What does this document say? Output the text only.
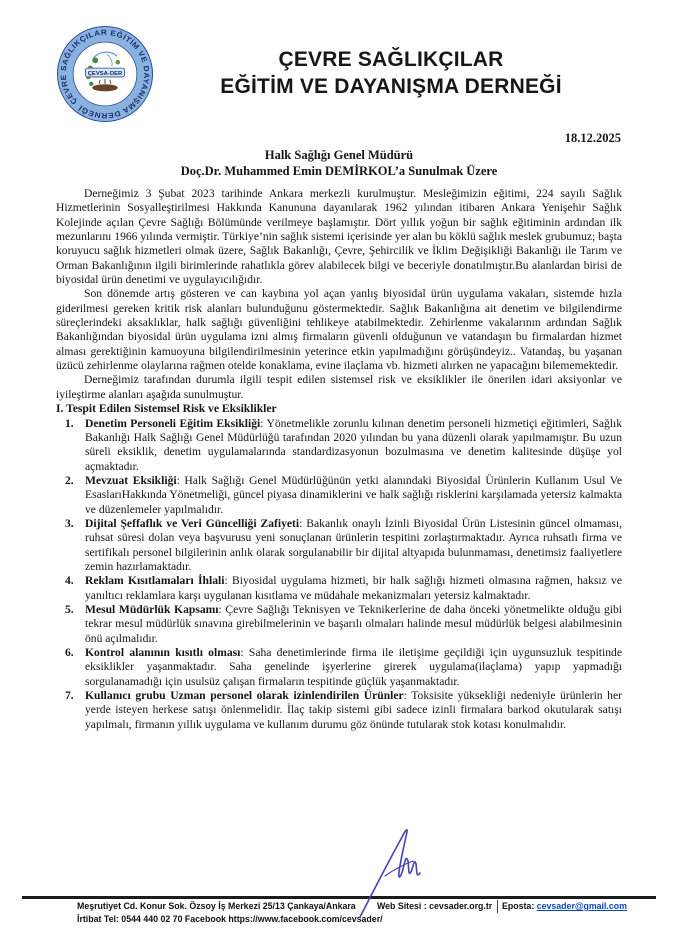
ÇEVRE SAĞLIKÇILAR EĞİTİM VE DAYANIŞMA DERNEĞİ
ÇEVSA-DER
ÇEVRE SAĞLIKÇILAR
EĞİTİM VE DAYANIŞMA DERNEĞİ
18.12.2025
Halk Sağlığı Genel Müdürü
Doç.Dr. Muhammed Emin DEMİRKOL’a Sunulmak Üzere

Derneğimiz 3 Şubat 2023 tarihinde Ankara merkezli kurulmuştur. Mesleğimizin eğitimi, 224 sayılı Sağlık Hizmetlerinin Sosyalleştirilmesi Hakkında Kanununa dayanılarak 1962 yılından itibaren Ankara Yenişehir Sağlık Kolejinde açılan Çevre Sağlığı Bölümünde verilmeye başlamıştır. Dört yıllık yoğun bir sağlık eğitiminin ardından ilk mezunlarını 1966 yılında vermiştir. Türkiye’nin sağlık sistemi içerisinde yer alan bu köklü sağlık meslek grubumuz; başta koruyucu sağlık hizmetleri olmak üzere, Sağlık Bakanlığı, Çevre, Şehircilik ve İklim Değişikliği Bakanlığı ile Tarım ve Orman Bakanlığının ilgili birimlerinde rahatlıkla görev alabilecek bilgi ve beceriyle donatılmıştır.Bu alanlardan birisi de biyosidal ürün denetimi ve uygulayıcılığıdır.

Son dönemde artış gösteren ve can kaybına yol açan yanlış biyosidal ürün uygulama vakaları, sistemde hızla giderilmesi gereken kritik risk alanları bulunduğunu göstermektedir. Sağlık Bakanlığına ait denetim ve bilgilendirme süreçlerindeki aksaklıklar, halk sağlığı güvenliğini tehlikeye atabilmektedir. Zehirlenme vakalarının ardından Sağlık Bakanlığından biyosidal ürün uygulama izni almış firmaların güvenli olduğunun ve vatandaşın bu firmalardan hizmet alması gerektiğinin kamuoyuna bilgilendirilmesinin yeterince etkin yapılmadığını görüşündeyiz.. Vatandaş, bu yaşanan üzücü zehirlenme olaylarına rağmen otelde konaklama, evine ilaçlama vb. hizmeti alırken ne yapacağını bilememektedir.

Derneğimiz tarafından durumla ilgili tespit edilen sistemsel risk ve eksiklikler ile önerilen idari aksiyonlar ve iyileştirme alanları aşağıda sunulmuştur.

I. Tespit Edilen Sistemsel Risk ve Eksiklikler

1. Denetim Personeli Eğitim Eksikliği: Yönetmelikle zorunlu kılınan denetim personeli hizmetiçi eğitimleri, Sağlık Bakanlığı Halk Sağlığı Genel Müdürlüğü tarafından 2020 yılından bu yana düzenli olarak yapılmamıştır. Bu uzun süreli eksiklik, denetim uygulamalarında standardizasyonun bozulmasına ve denetim kalitesinde düşüşe yol açmaktadır.
2. Mevzuat Eksikliği: Halk Sağlığı Genel Müdürlüğünün yetki alanındaki Biyosidal Ürünlerin Kullanım Usul Ve EsaslarıHakkında Yönetmeliği, güncel piyasa dinamiklerini ve halk sağlığı risklerini karşılamada yetersiz kalmakta ve düzenlemeler yapılmalıdır.
3. Dijital Şeffaflık ve Veri Güncelliği Zafiyeti: Bakanlık onaylı İzinli Biyosidal Ürün Listesinin güncel olmaması, ruhsat süresi dolan veya başvurusu yeni sonuçlanan ürünlerin tespitini zorlaştırmaktadır. Ayrıca ruhsatlı firma ve sertifikalı personel bilgilerinin anlık olarak sorgulanabilir bir dijital altyapıda bulunmaması, denetimsiz faaliyetlere zemin hazırlamaktadır.
4. Reklam Kısıtlamaları İhlali: Biyosidal uygulama hizmeti, bir halk sağlığı hizmeti olmasına rağmen, haksız ve yanıltıcı reklamlara karşı uygulanan kısıtlama ve müdahale mekanizmaları yetersiz kalmaktadır.
5. Mesul Müdürlük Kapsamı: Çevre Sağlığı Teknisyen ve Teknikerlerine de daha önceki yönetmelikte olduğu gibi tekrar mesul müdürlük sınavına girebilmelerinin ve başarılı olmaları halinde mesul müdürlük belgesi alabilmesinin önü açılmalıdır.
6. Kontrol alanının kısıtlı olması: Saha denetimlerinde firma ile iletişime geçildiği için uygunsuzluk tespitinde eksiklikler yaşanmaktadır. Saha genelinde işyerlerine girerek uygulama(ilaçlama) yapıp yapmadığı sorgulanamadığı için usulsüz çalışan firmaların tespitinde güçlük yaşanmaktadır.
7. Kullanıcı grubu Uzman personel olarak izinlendirilen Ürünler: Toksisite yüksekliği nedeniyle ürünlerin her yerde isteyen herkese satışı önlenmelidir. İlaç takip sistemi gibi sadece izinli firmalara barkod okutularak satışı yapılmalı, firmanın yıllık uygulama ve kullanım durumu göz önünde tutularak stok kotası konulmalıdır.
Meşrutiyet Cd. Konur Sok. Özsoy İş Merkezi 25/13 Çankaya/Ankara Web Sitesi : cevsader.org.tr	Eposta: cevsader@gmail.com
İrtibat Tel: 0544 440 02 70 Facebook https://www.facebook.com/cevsader/
